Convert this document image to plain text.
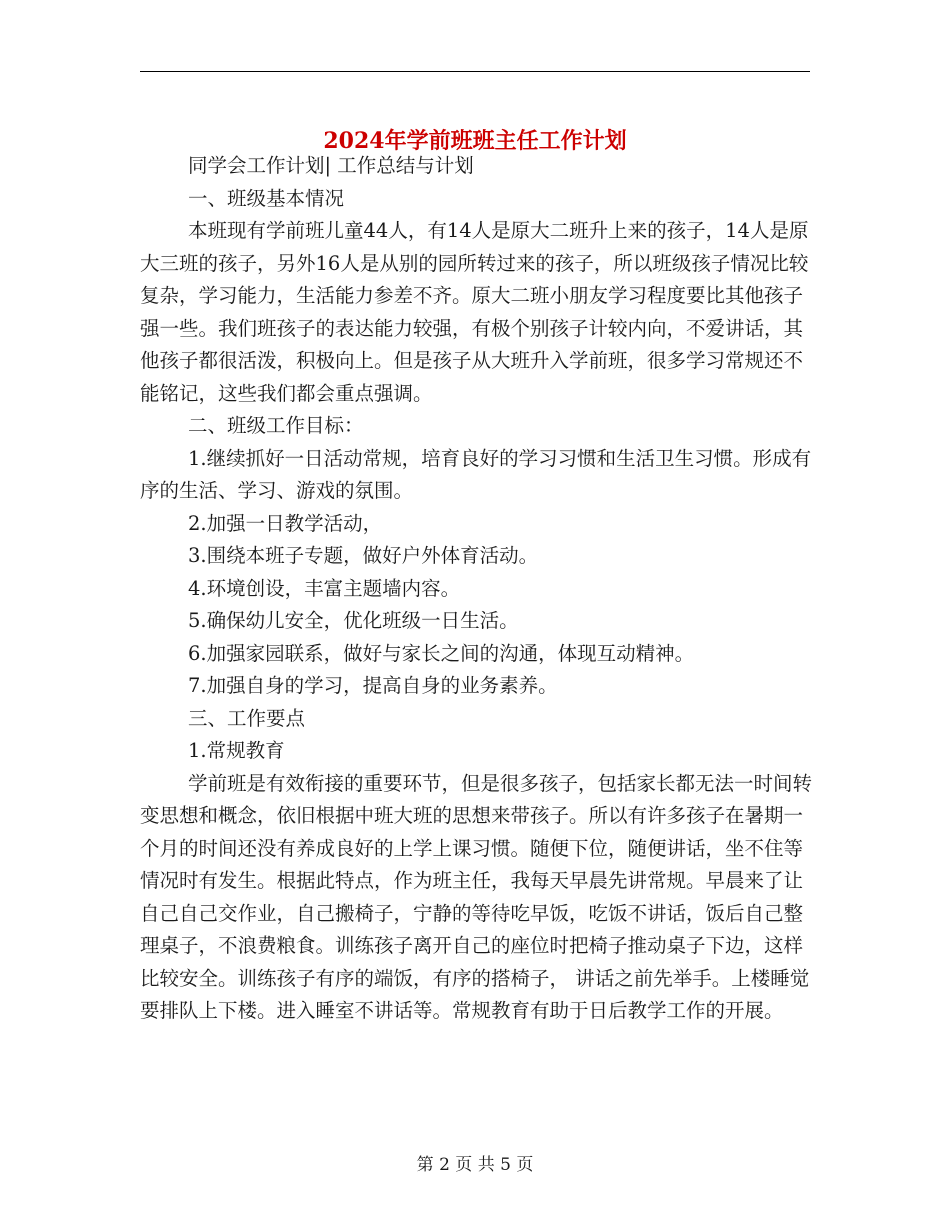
2024年学前班班主任工作计划

同学会工作计划| 工作总结与计划

一、班级基本情况

本班现有学前班儿童44人，有14人是原大二班升上来的孩子，14人是原大三班的孩子，另外16人是从别的园所转过来的孩子，所以班级孩子情况比较复杂，学习能力，生活能力参差不齐。原大二班小朋友学习程度要比其他孩子强一些。我们班孩子的表达能力较强，有极个别孩子计较内向，不爱讲话，其他孩子都很活泼，积极向上。但是孩子从大班升入学前班，很多学习常规还不能铭记，这些我们都会重点强调。

二、班级工作目标：

1.继续抓好一日活动常规，培育良好的学习习惯和生活卫生习惯。形成有序的生活、学习、游戏的氛围。

2.加强一日教学活动，

3.围绕本班子专题，做好户外体育活动。

4.环境创设，丰富主题墙内容。

5.确保幼儿安全，优化班级一日生活。

6.加强家园联系，做好与家长之间的沟通，体现互动精神。

7.加强自身的学习，提高自身的业务素养。

三、工作要点

1.常规教育

学前班是有效衔接的重要环节，但是很多孩子，包括家长都无法一时间转变思想和概念，依旧根据中班大班的思想来带孩子。所以有许多孩子在暑期一个月的时间还没有养成良好的上学上课习惯。随便下位，随便讲话，坐不住等情况时有发生。根据此特点，作为班主任，我每天早晨先讲常规。早晨来了让自己自己交作业，自己搬椅子，宁静的等待吃早饭，吃饭不讲话，饭后自己整理桌子，不浪费粮食。训练孩子离开自己的座位时把椅子推动桌子下边，这样比较安全。训练孩子有序的端饭，有序的搭椅子， 讲话之前先举手。上楼睡觉要排队上下楼。进入睡室不讲话等。常规教育有助于日后教学工作的开展。

第 2 页 共 5 页
